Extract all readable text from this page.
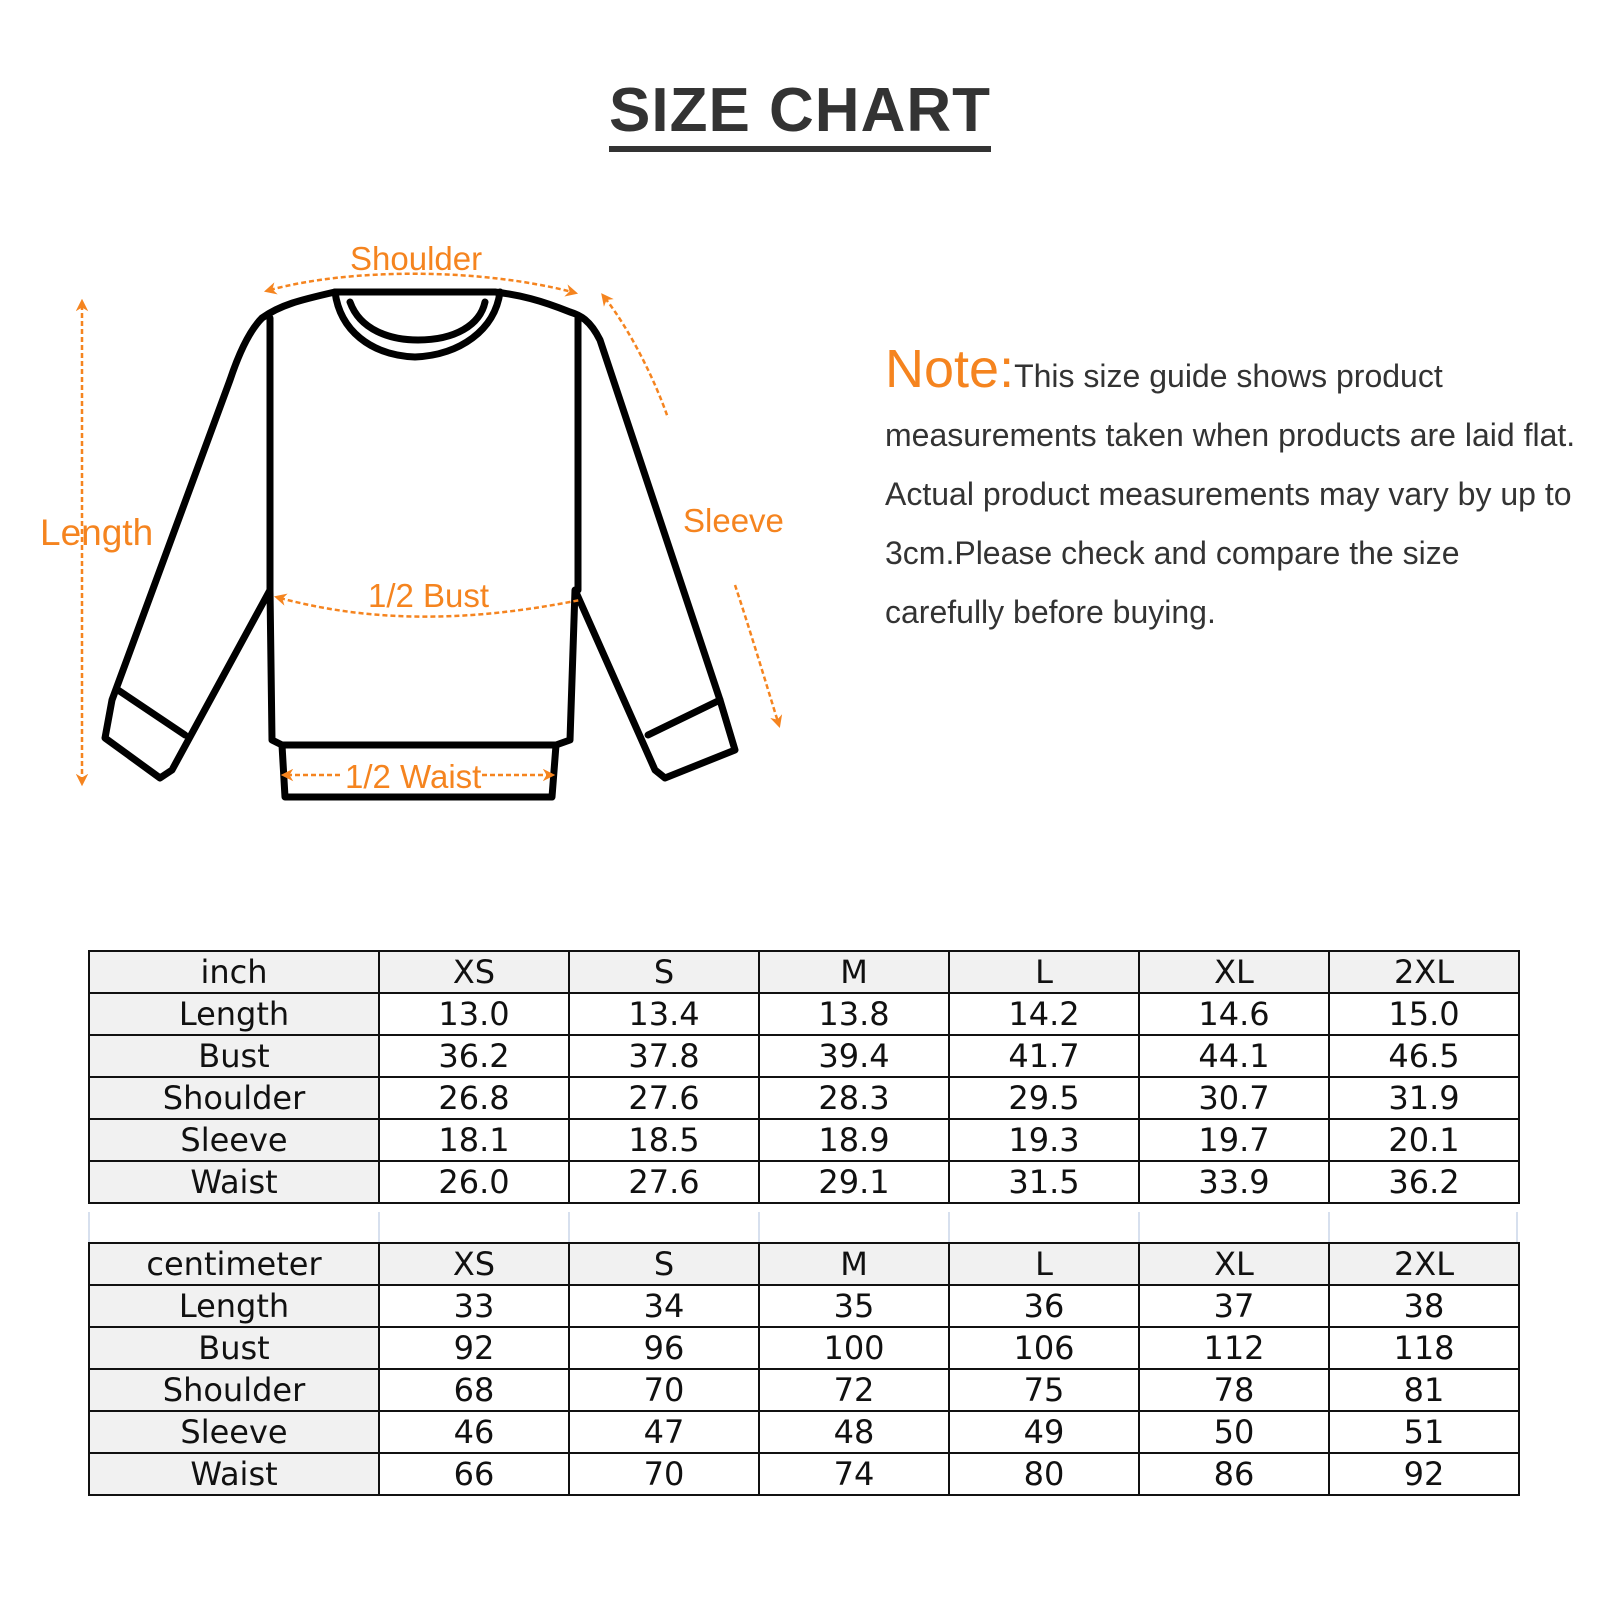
SIZE CHART
Shoulder
Length	Sleeve
1/2 Bust
1/2 Waist
Note:This size guide shows product measurements taken when products are laid flat. Actual product measurements may vary by up to 3cm.Please check and compare the size carefully before buying.
inch	XS	S	M	L	XL	2XL
Length	13.0	13.4	13.8	14.2	14.6	15.0
Bust	36.2	37.8	39.4	41.7	44.1	46.5
Shoulder	26.8	27.6	28.3	29.5	30.7	31.9
Sleeve	18.1	18.5	18.9	19.3	19.7	20.1
Waist	26.0	27.6	29.1	31.5	33.9	36.2
centimeter	XS	S	M	L	XL	2XL
Length	33	34	35	36	37	38
Bust	92	96	100	106	112	118
Shoulder	68	70	72	75	78	81
Sleeve	46	47	48	49	50	51
Waist	66	70	74	80	86	92
